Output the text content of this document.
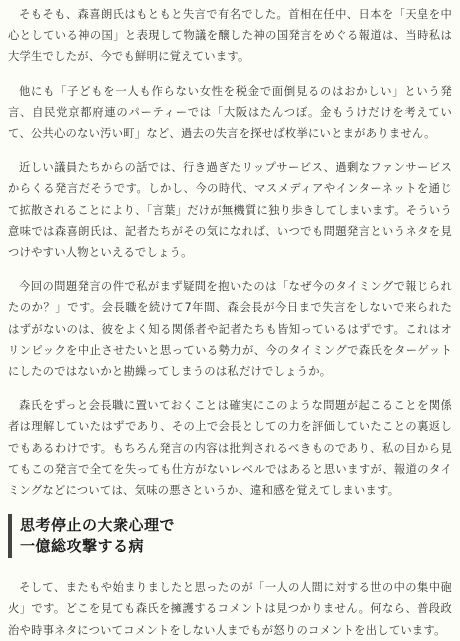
そもそも、森喜朗氏はもともと失言で有名でした。首相在任中、日本を「天皇を中心としている神の国」と表現して物議を醸した神の国発言をめぐる報道は、当時私は大学生でしたが、今でも鮮明に覚えています。

他にも「子どもを一人も作らない女性を税金で面倒見るのはおかしい」という発言、自民党京都府連のパーティーでは「大阪はたんつぼ。金もうけだけを考えていて、公共心のない汚い町」など、過去の失言を探せば枚挙にいとまがありません。

近しい議員たちからの話では、行き過ぎたリップサービス、過剰なファンサービスからくる発言だそうです。しかし、今の時代、マスメディアやインターネットを通じて拡散されることにより、「言葉」だけが無機質に独り歩きしてしまいます。そういう意味では森喜朗氏は、記者たちがその気になれば、いつでも問題発言というネタを見つけやすい人物といえるでしょう。

今回の問題発言の件で私がまず疑問を抱いたのは「なぜ今のタイミングで報じられたのか？」です。会長職を続けて7年間、森会長が今日まで失言をしないで来られたはずがないのは、彼をよく知る関係者や記者たちも皆知っているはずです。これはオリンピックを中止させたいと思っている勢力が、今のタイミングで森氏をターゲットにしたのではないかと勘繰ってしまうのは私だけでしょうか。

森氏をずっと会長職に置いておくことは確実にこのような問題が起こることを関係者は理解していたはずであり、その上で会長としての力を評価していたことの裏返しでもあるわけです。もちろん発言の内容は批判されるべきものであり、私の目から見てもこの発言で全てを失っても仕方がないレベルではあると思いますが、報道のタイミングなどについては、気味の悪さというか、違和感を覚えてしまいます。

思考停止の大衆心理で
一億総攻撃する病

そして、またもや始まりましたと思ったのが「一人の人間に対する世の中の集中砲火」です。どこを見ても森氏を擁護するコメントは見つかりません。何なら、普段政治や時事ネタについてコメントをしない人までもが怒りのコメントを出しています。
